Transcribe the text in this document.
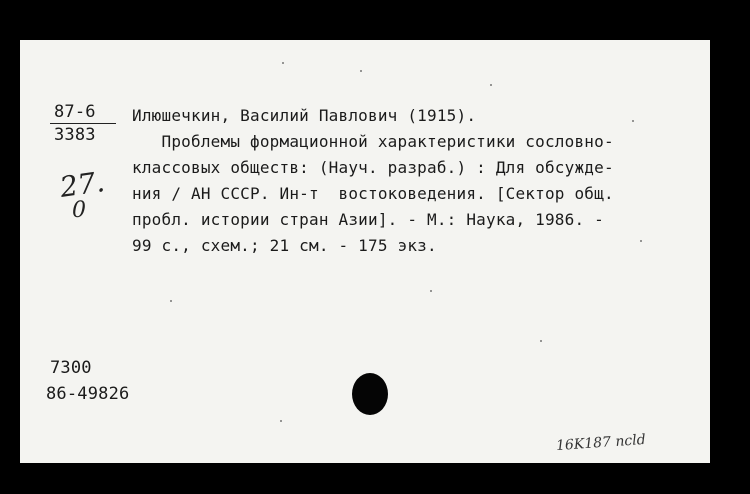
87-6
3383
27.
0
Илюшечкин, Василий Павлович (1915).
Проблемы формационной характеристики сословно-
классовых обществ: (Науч. разраб.) : Для обсужде-
ния / АН СССР. Ин-т  востоковедения. [Сектор общ.
пробл. истории стран Азии]. - М.: Наука, 1986. -
99 с., схем.; 21 см. - 175 экз.
7300
86-49826
16K187 ncld
